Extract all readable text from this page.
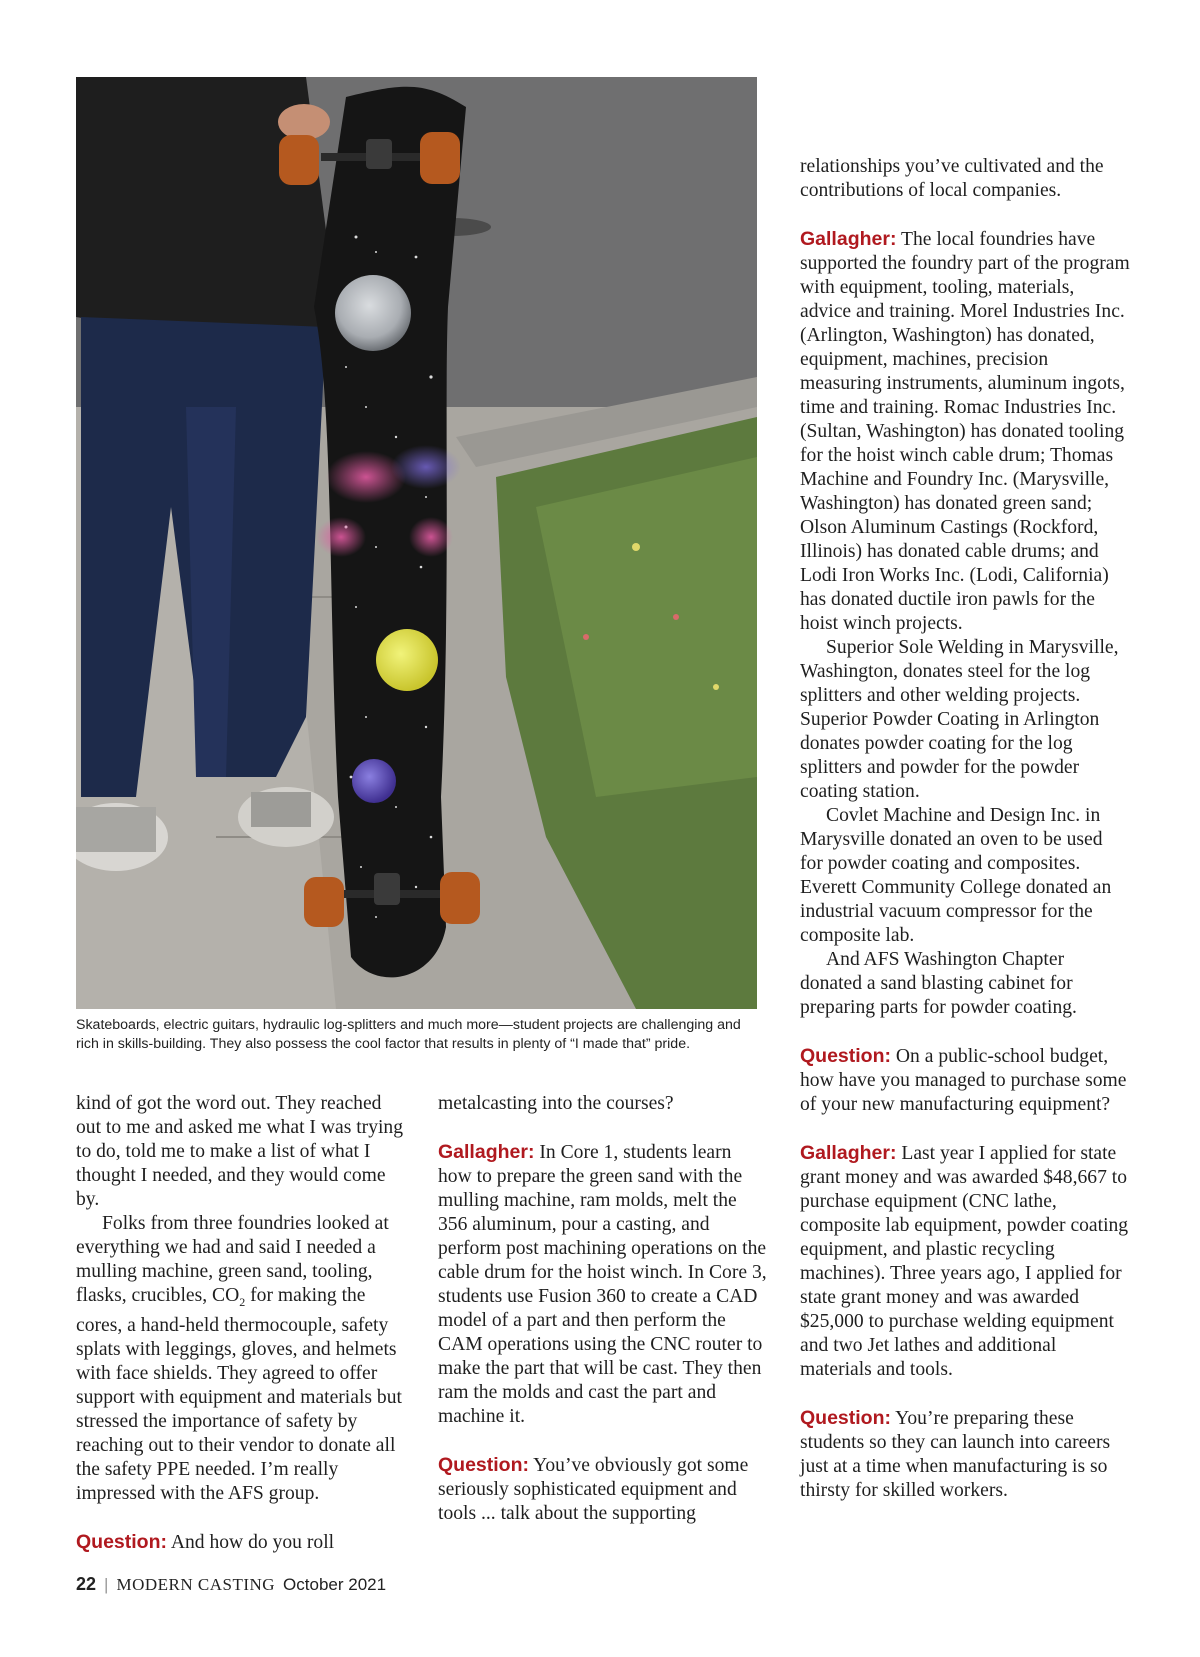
Skateboards, electric guitars, hydraulic log-splitters and much more—student projects are challenging and rich in skills-building. They also possess the cool factor that results in plenty of “I made that” pride.

kind of got the word out. They reached out to me and asked me what I was trying to do, told me to make a list of what I thought I needed, and they would come by.

Folks from three foundries looked at everything we had and said I needed a mulling machine, green sand, tooling, flasks, crucibles, $CO_2$ for making the cores, a hand-held thermocouple, safety splats with leggings, gloves, and helmets with face shields. They agreed to offer support with equipment and materials but stressed the importance of safety by reaching out to their vendor to donate all the safety PPE needed. I’m really impressed with the AFS group.

Question: And how do you roll

metalcasting into the courses?

Gallagher: In Core 1, students learn how to prepare the green sand with the mulling machine, ram molds, melt the 356 aluminum, pour a casting, and perform post machining operations on the cable drum for the hoist winch. In Core 3, students use Fusion 360 to create a CAD model of a part and then perform the CAM operations using the CNC router to make the part that will be cast. They then ram the molds and cast the part and machine it.

Question: You’ve obviously got some seriously sophisticated equipment and tools ... talk about the supporting

relationships you’ve cultivated and the contributions of local companies.

Gallagher: The local foundries have supported the foundry part of the program with equipment, tooling, materials, advice and training. Morel Industries Inc. (Arlington, Washington) has donated, equipment, machines, precision measuring instruments, aluminum ingots, time and training. Romac Industries Inc. (Sultan, Washington) has donated tooling for the hoist winch cable drum; Thomas Machine and Foundry Inc. (Marysville, Washington) has donated green sand; Olson Aluminum Castings (Rockford, Illinois) has donated cable drums; and Lodi Iron Works Inc. (Lodi, California) has donated ductile iron pawls for the hoist winch projects.

Superior Sole Welding in Marysville, Washington, donates steel for the log splitters and other welding projects. Superior Powder Coating in Arlington donates powder coating for the log splitters and powder for the powder coating station.

Covlet Machine and Design Inc. in Marysville donated an oven to be used for powder coating and composites. Everett Community College donated an industrial vacuum compressor for the composite lab.

And AFS Washington Chapter donated a sand blasting cabinet for preparing parts for powder coating.

Question: On a public-school budget, how have you managed to purchase some of your new manufacturing equipment?

Gallagher: Last year I applied for state grant money and was awarded $48,667 to purchase equipment (CNC lathe, composite lab equipment, powder coating equipment, and plastic recycling machines). Three years ago, I applied for state grant money and was awarded $25,000 to purchase welding equipment and two Jet lathes and additional materials and tools.

Question: You’re preparing these students so they can launch into careers just at a time when manufacturing is so thirsty for skilled workers.

22 | MODERN CASTING October 2021
